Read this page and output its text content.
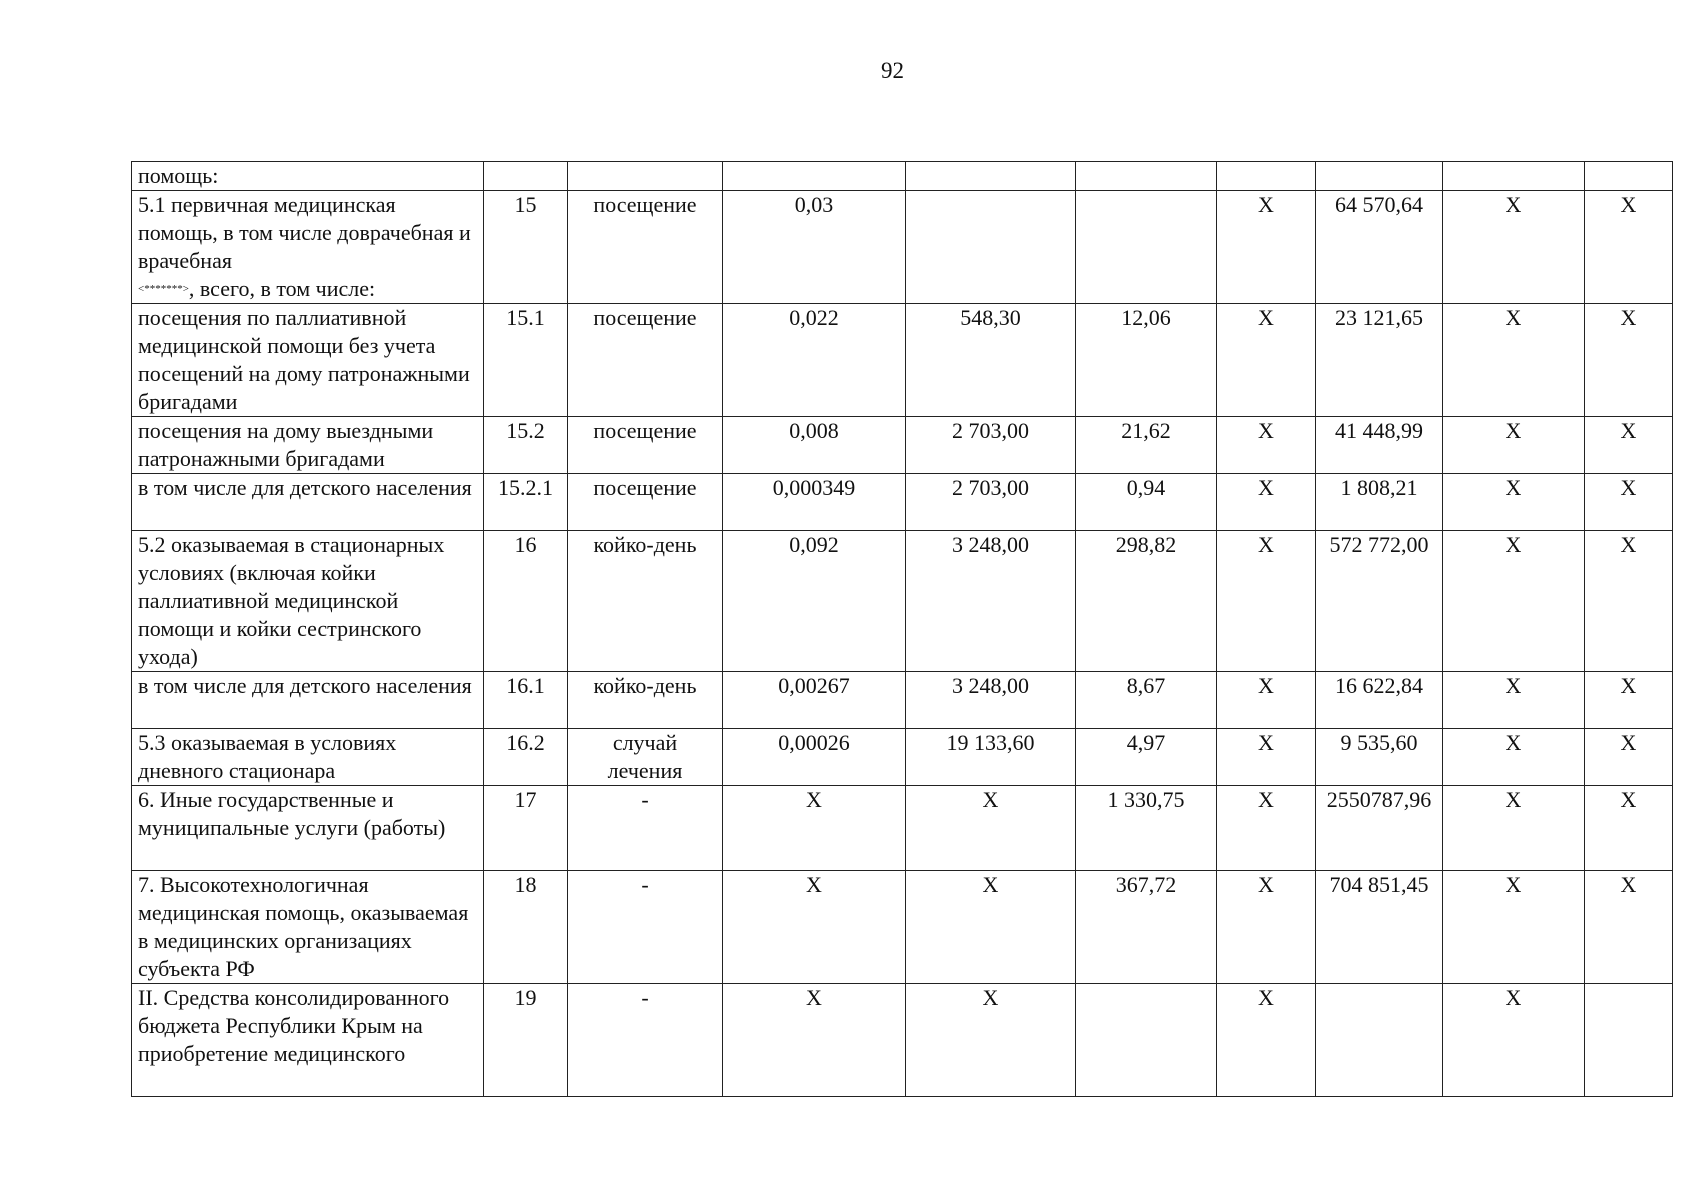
92
помощь:									
5.1 первичная медицинская помощь, в том числе доврачебная и врачебная
<*******>, всего, в том числе:	15	посещение	0,03			X	64 570,64	X	X
посещения по паллиативной медицинской помощи без учета посещений на дому патронажными бригадами	15.1	посещение	0,022	548,30	12,06	X	23 121,65	X	X
посещения на дому выездными патронажными бригадами	15.2	посещение	0,008	2 703,00	21,62	X	41 448,99	X	X
в том числе для детского населения	15.2.1	посещение	0,000349	2 703,00	0,94	X	1 808,21	X	X
5.2 оказываемая в стационарных условиях (включая койки паллиативной медицинской помощи и койки сестринского ухода)	16	койко-день	0,092	3 248,00	298,82	X	572 772,00	X	X
в том числе для детского населения	16.1	койко-день	0,00267	3 248,00	8,67	X	16 622,84	X	X
5.3 оказываемая в условиях дневного стационара	16.2	случай лечения	0,00026	19 133,60	4,97	X	9 535,60	X	X
6. Иные государственные и муниципальные услуги (работы)	17	-	X	X	1 330,75	X	2550787,96	X	X
7. Высокотехнологичная медицинская помощь, оказываемая в медицинских организациях субъекта РФ	18	-	X	X	367,72	X	704 851,45	X	X
II. Средства консолидированного бюджета Республики Крым на приобретение медицинского	19	-	X	X		X		X	
